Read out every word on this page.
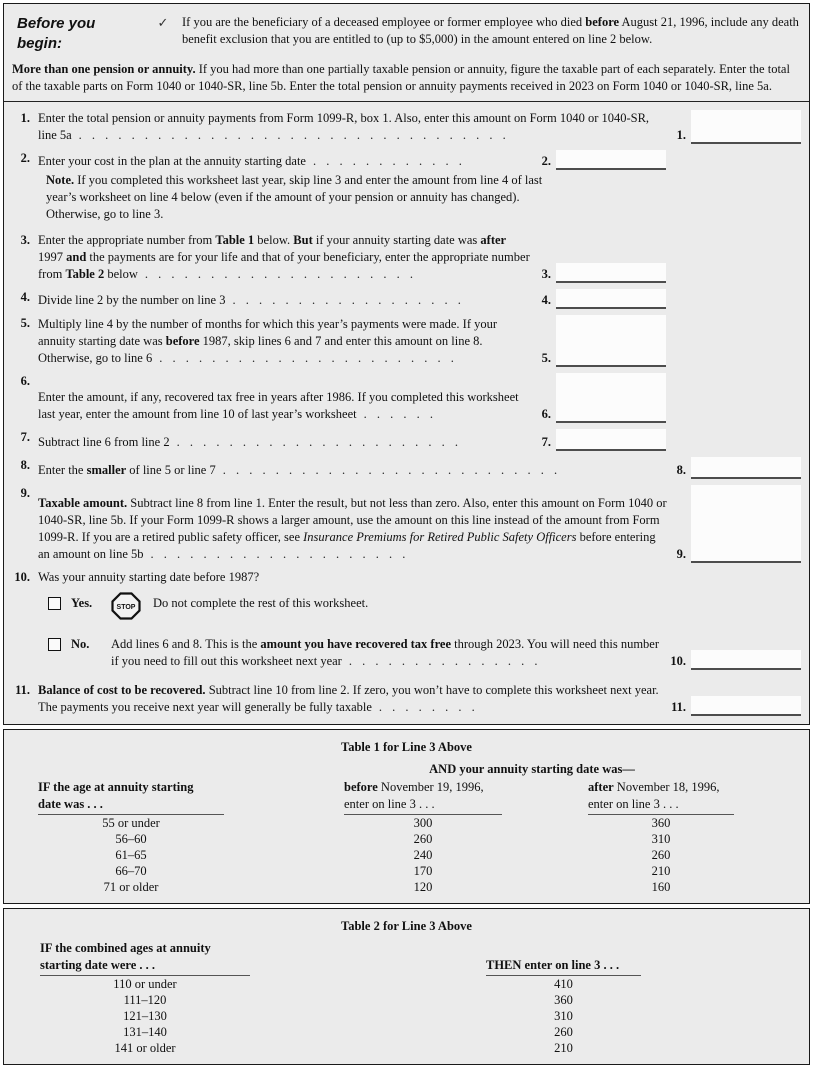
Before you begin:
✓	If you are the beneficiary of a deceased employee or former employee who died before August 21, 1996, include any death benefit exclusion that you are entitled to (up to $5,000) in the amount entered on line 2 below.
More than one pension or annuity. If you had more than one partially taxable pension or annuity, figure the taxable part of each separately. Enter the total of the taxable parts on Form 1040 or 1040-SR, line 5b. Enter the total pension or annuity payments received in 2023 on Form 1040 or 1040-SR, line 5a.
1. Enter the total pension or annuity payments from Form 1099-R, box 1. Also, enter this amount on Form 1040 or 1040-SR, line 5a . . . . . . . . . . . . . . . . . . . . . . . . . . . . . . . . .	1.
2. Enter your cost in the plan at the annuity starting date . . . . . . . . . . . .	2.
Note. If you completed this worksheet last year, skip line 3 and enter the amount from line 4 of last year’s worksheet on line 4 below (even if the amount of your pension or annuity has changed). Otherwise, go to line 3.
3. Enter the appropriate number from Table 1 below. But if your annuity starting date was after 1997 and the payments are for your life and that of your beneficiary, enter the appropriate number from Table 2 below . . . . . . . . . . . . . . . . . . . . .	3.
4. Divide line 2 by the number on line 3 . . . . . . . . . . . . . . . . . .	4.
5. Multiply line 4 by the number of months for which this year’s payments were made. If your annuity starting date was before 1987, skip lines 6 and 7 and enter this amount on line 8. Otherwise, go to line 6 . . . . . . . . . . . . . . . . . . . . . . .	5.
6.
Enter the amount, if any, recovered tax free in years after 1986. If you completed this worksheet last year, enter the amount from line 10 of last year’s worksheet . . . . . .	6.
7. Subtract line 6 from line 2 . . . . . . . . . . . . . . . . . . . . . .	7.
8. Enter the smaller of line 5 or line 7 . . . . . . . . . . . . . . . . . . . . . . . . . .	8.
9.
Taxable amount. Subtract line 8 from line 1. Enter the result, but not less than zero. Also, enter this amount on Form 1040 or 1040-SR, line 5b. If your Form 1099-R shows a larger amount, use the amount on this line instead of the amount from Form 1099-R. If you are a retired public safety officer, see Insurance Premiums for Retired Public Safety Officers before entering an amount on line 5b . . . . . . . . . . . . . . . . . . . .	9.
10. Was your annuity starting date before 1987?
Yes.	STOP Do not complete the rest of this worksheet.
No.	Add lines 6 and 8. This is the amount you have recovered tax free through 2023. You will need this number if you need to fill out this worksheet next year . . . . . . . . . . . . . . .	10.
11. Balance of cost to be recovered. Subtract line 10 from line 2. If zero, you won’t have to complete this worksheet next year. The payments you receive next year will generally be fully taxable . . . . . . . .	11.
Table 1 for Line 3 Above
AND your annuity starting date was—
IF the age at annuity starting
date was . . .
before November 19, 1996,
enter on line 3 . . .
after November 18, 1996,
enter on line 3 . . .
55 or under	300	360
56–60	260	310
61–65	240	260
66–70	170	210
71 or older	120	160
Table 2 for Line 3 Above
IF the combined ages at annuity
starting date were . . .	THEN enter on line 3 . . .
110 or under	410
111–120	360
121–130	310
131–140	260
141 or older	210
